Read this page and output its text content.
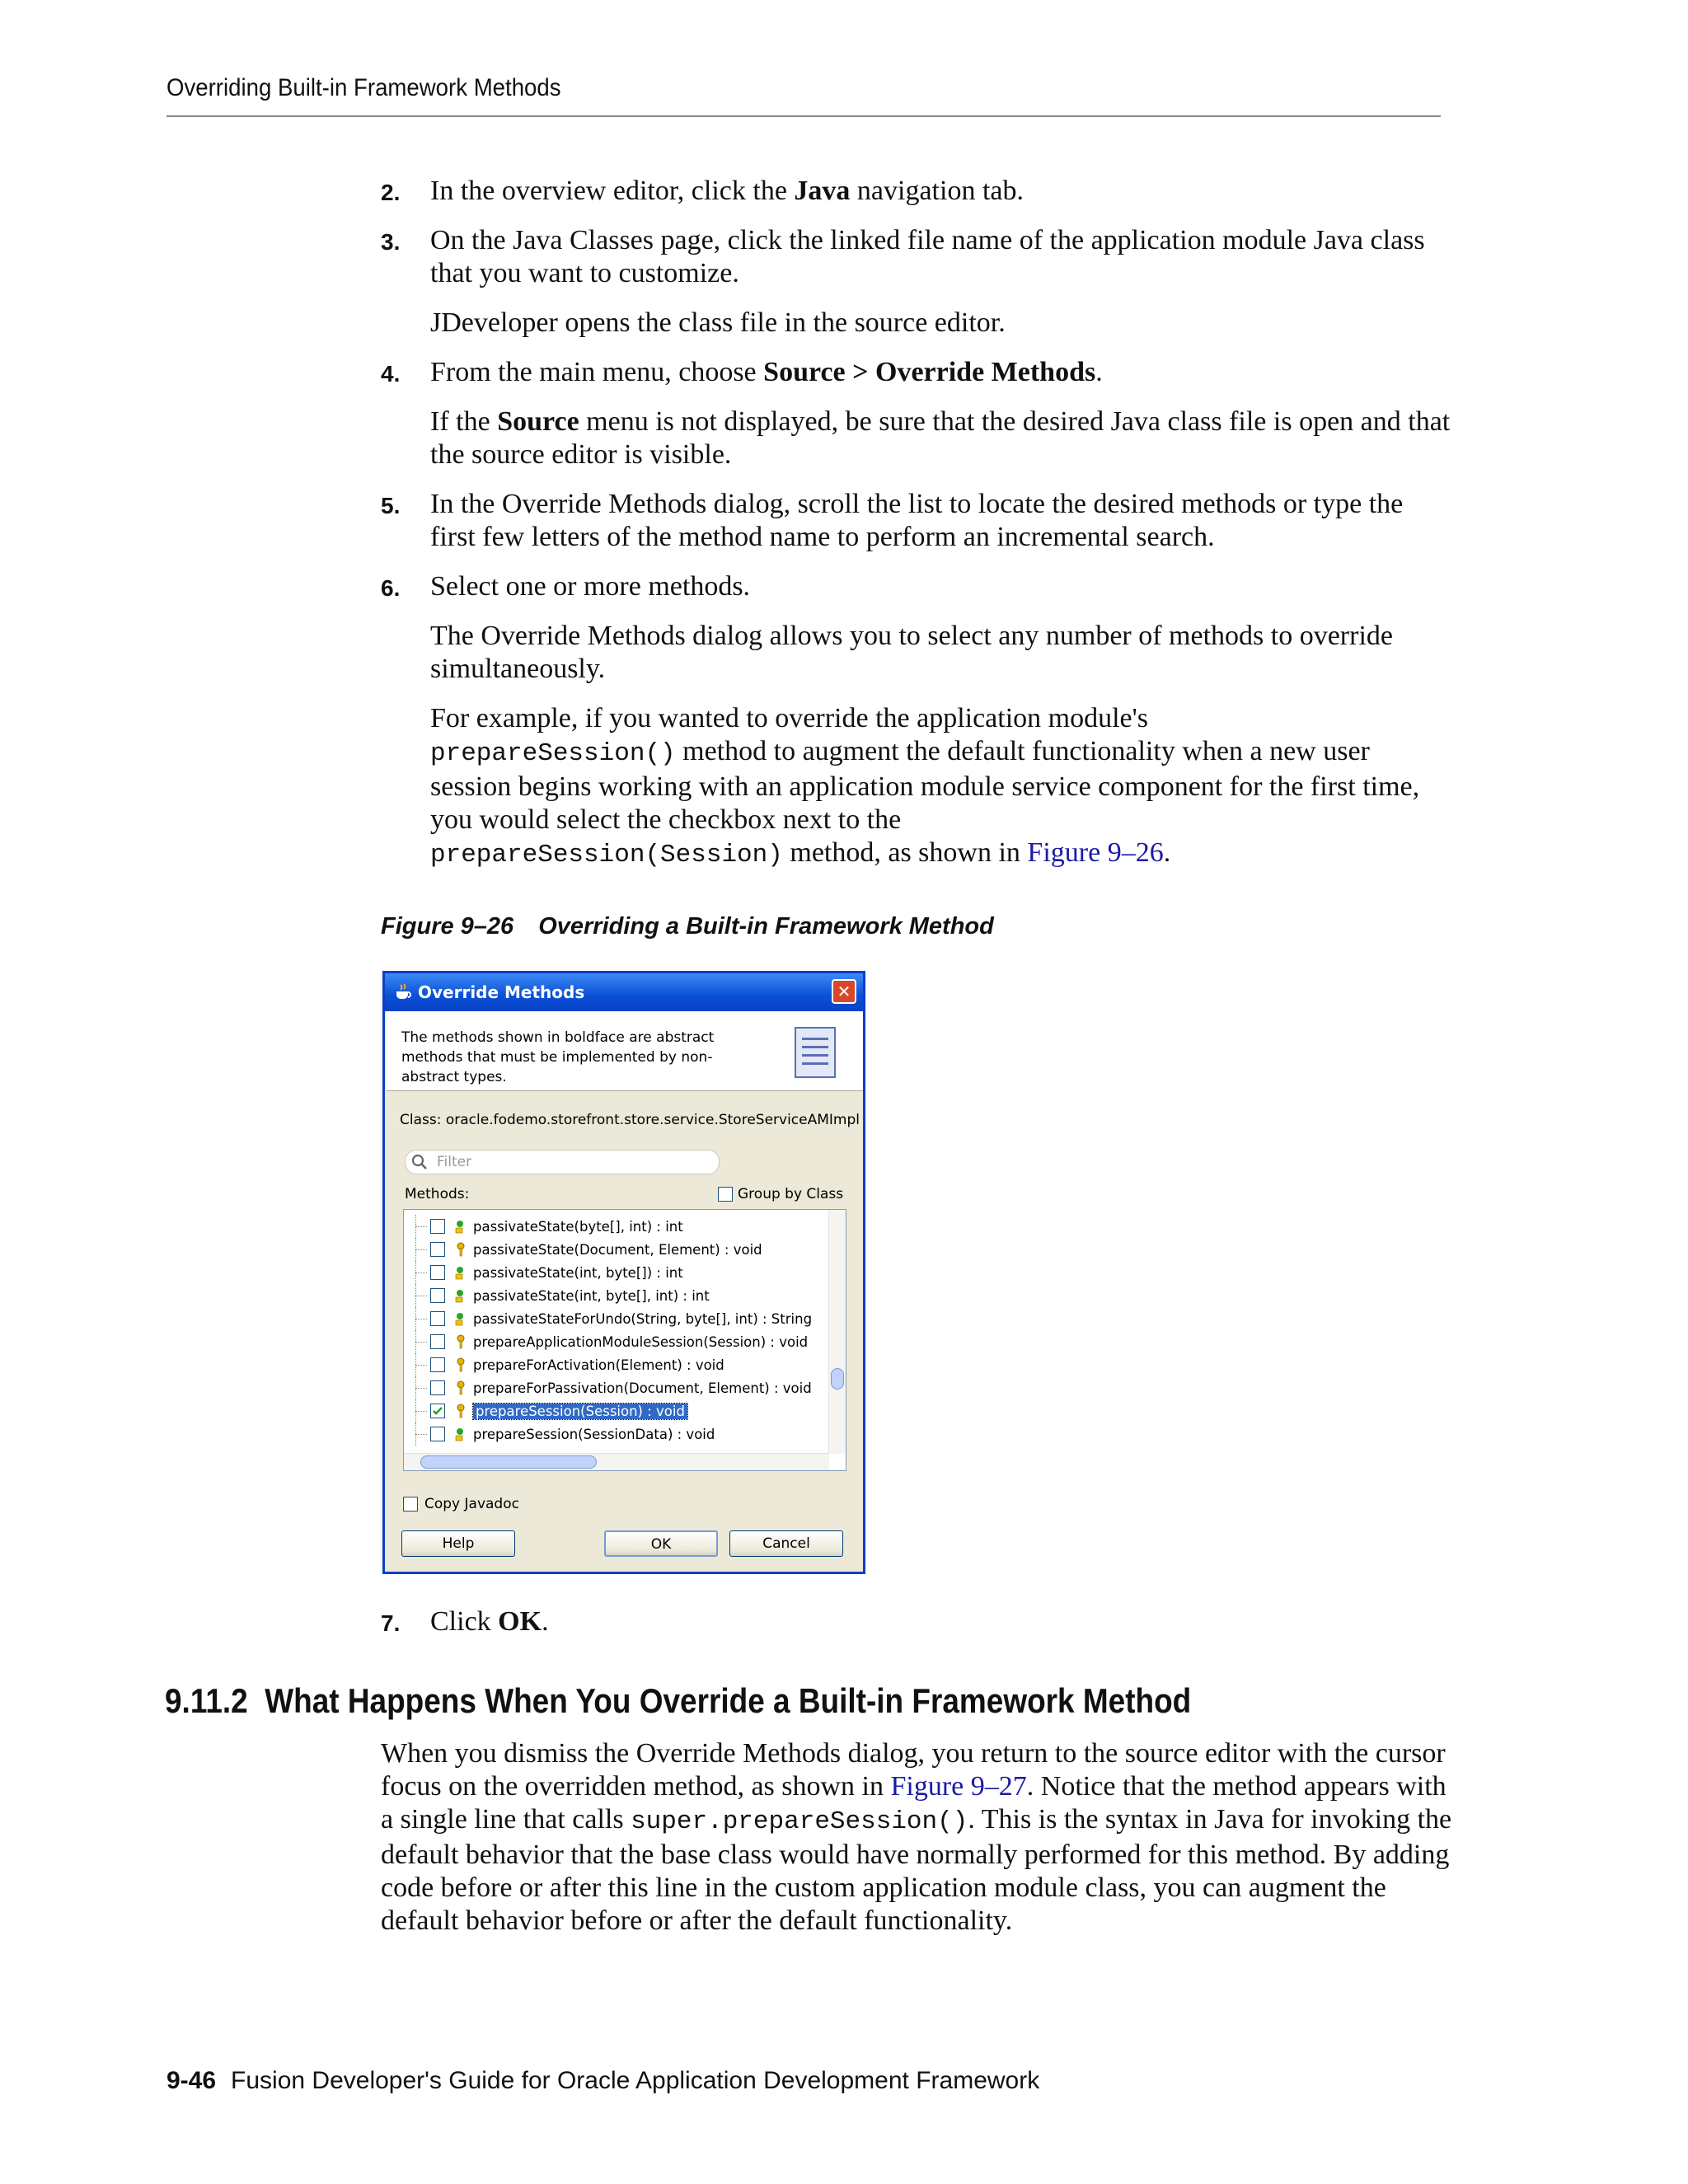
Overriding Built-in Framework Methods
2. In the overview editor, click the Java navigation tab.
3. On the Java Classes page, click the linked file name of the application module Java class that you want to customize.
JDeveloper opens the class file in the source editor.
4. From the main menu, choose Source > Override Methods.
If the Source menu is not displayed, be sure that the desired Java class file is open and that the source editor is visible.
5. In the Override Methods dialog, scroll the list to locate the desired methods or type the first few letters of the method name to perform an incremental search.
6. Select one or more methods.
The Override Methods dialog allows you to select any number of methods to override simultaneously.
For example, if you wanted to override the application module's
prepareSession() method to augment the default functionality when a new user session begins working with an application module service component for the first time, you would select the checkbox next to the
prepareSession(Session) method, as shown in Figure 9–26.
Figure 9–26 Overriding a Built-in Framework Method
Override Methods	✕
The methods shown in boldface are abstract methods that must be implemented by non-abstract types.
Class: oracle.fodemo.storefront.store.service.StoreServiceAMImpl
Filter
Methods:	Group by Class
passivateState(byte[], int) : int
passivateState(Document, Element) : void
passivateState(int, byte[]) : int
passivateState(int, byte[], int) : int
passivateStateForUndo(String, byte[], int) : String
prepareApplicationModuleSession(Session) : void
prepareForActivation(Element) : void
prepareForPassivation(Document, Element) : void
prepareSession(Session) : void
prepareSession(SessionData) : void
Copy Javadoc
Help	OK	Cancel
7. Click OK.
9.11.2  What Happens When You Override a Built-in Framework Method
When you dismiss the Override Methods dialog, you return to the source editor with the cursor focus on the overridden method, as shown in Figure 9–27. Notice that the method appears with a single line that calls super.prepareSession(). This is the syntax in Java for invoking the default behavior that the base class would have normally performed for this method. By adding code before or after this line in the custom application module class, you can augment the default behavior before or after the default functionality.
9-46 Fusion Developer's Guide for Oracle Application Development Framework
